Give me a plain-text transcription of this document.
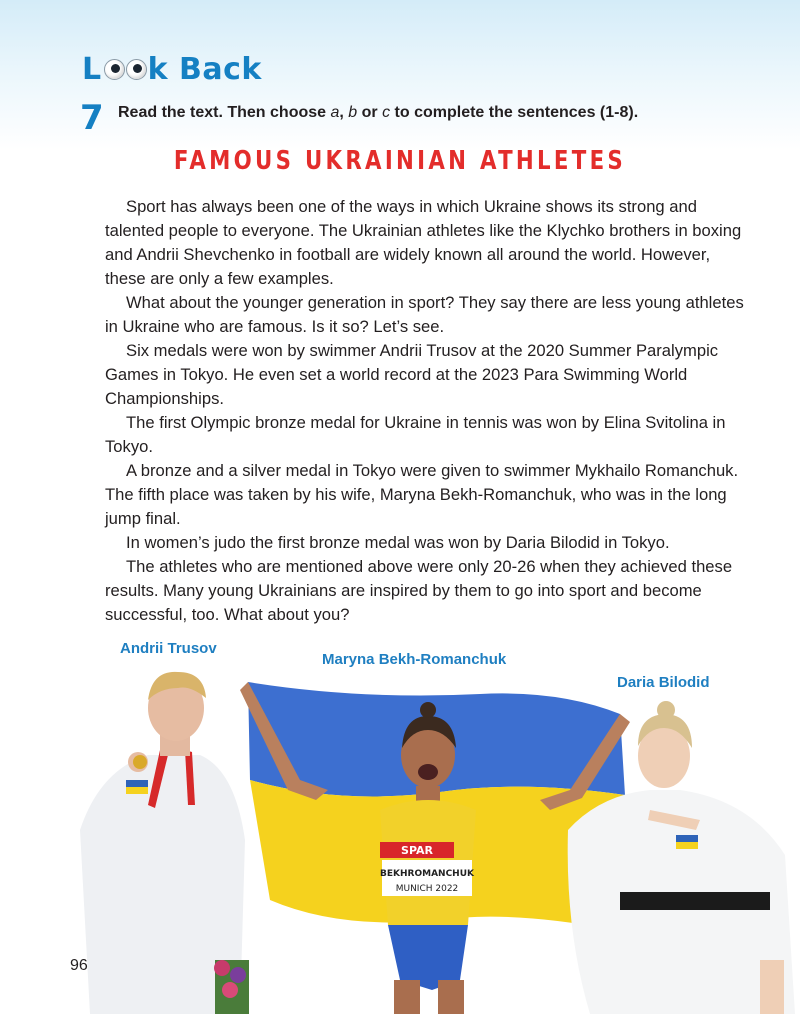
L k Back
7 Read the text. Then choose a, b or c to complete the sentences (1-8).
FAMOUS UKRAINIAN ATHLETES

Sport has always been one of the ways in which Ukraine shows its strong and talented people to everyone. The Ukrainian athletes like the Klychko brothers in boxing and Andrii Shevchenko in football are widely known all around the world. However, these are only a few examples.

What about the younger generation in sport? They say there are less young athletes in Ukraine who are famous. Is it so? Let’s see.

Six medals were won by swimmer Andrii Trusov at the 2020 Summer Paralympic Games in Tokyo. He even set a world record at the 2023 Para Swimming World Championships.

The first Olympic bronze medal for Ukraine in tennis was won by Elina Svitolina in Tokyo.

A bronze and a silver medal in Tokyo were given to swimmer Mykhailo Romanchuk. The fifth place was taken by his wife, Maryna Bekh-Romanchuk, who was in the long jump final.

In women’s judo the first bronze medal was won by Daria Bilodid in Tokyo.

The athletes who are mentioned above were only 20-26 when they achieved these results. Many young Ukrainians are inspired by them to go into sport and become successful, too. What about you?

SPAR
BEKHROMANCHUK
MUNICH 2022
Andrii Trusov
Maryna Bekh-Romanchuk
Daria Bilodid
96
